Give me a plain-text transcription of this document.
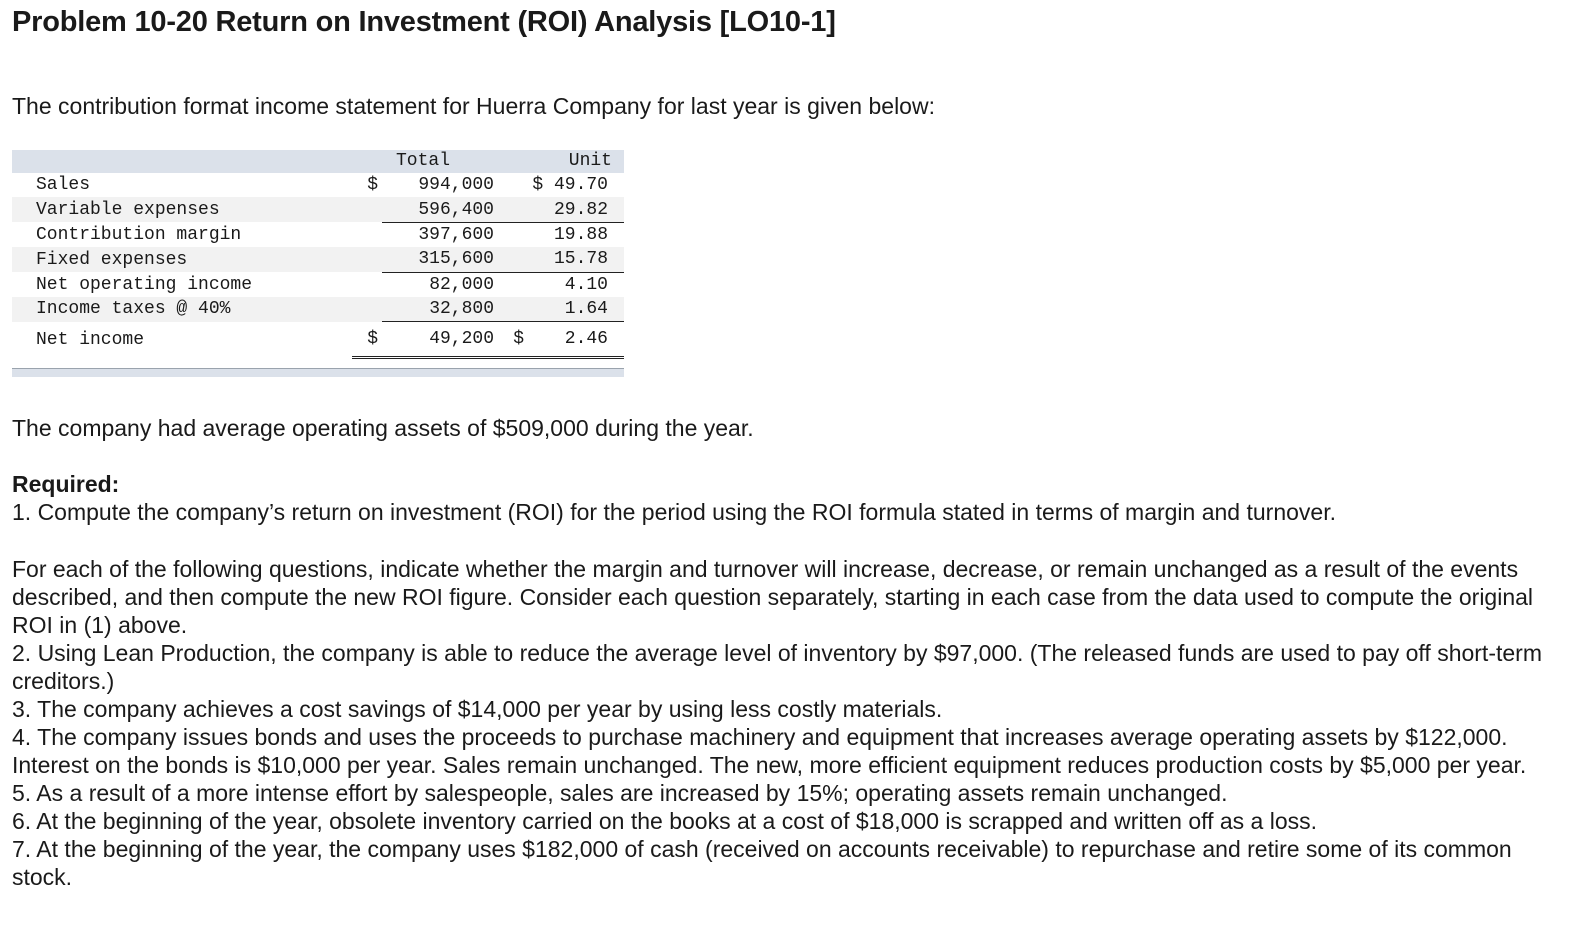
Problem 10-20 Return on Investment (ROI) Analysis [LO10-1]
The contribution format income statement for Huerra Company for last year is given below:
		Total		Unit
Sales	$	994,000		$ 49.70
Variable expenses		596,400		29.82
Contribution margin		397,600		19.88
Fixed expenses		315,600		15.78
Net operating income		82,000		4.10
Income taxes @ 40%		32,800		1.64
Net income	$	49,200	$	2.46
The company had average operating assets of $509,000 during the year.
Required:
1. Compute the company’s return on investment (ROI) for the period using the ROI formula stated in terms of margin and turnover.

For each of the following questions, indicate whether the margin and turnover will increase, decrease, or remain unchanged as a result of the events described, and then compute the new ROI figure. Consider each question separately, starting in each case from the data used to compute the original ROI in (1) above.

2. Using Lean Production, the company is able to reduce the average level of inventory by $97,000. (The released funds are used to pay off short-term creditors.)

3. The company achieves a cost savings of $14,000 per year by using less costly materials.

4. The company issues bonds and uses the proceeds to purchase machinery and equipment that increases average operating assets by $122,000. Interest on the bonds is $10,000 per year. Sales remain unchanged. The new, more efficient equipment reduces production costs by $5,000 per year.

5. As a result of a more intense effort by salespeople, sales are increased by 15%; operating assets remain unchanged.

6. At the beginning of the year, obsolete inventory carried on the books at a cost of $18,000 is scrapped and written off as a loss.

7. At the beginning of the year, the company uses $182,000 of cash (received on accounts receivable) to repurchase and retire some of its common stock.
